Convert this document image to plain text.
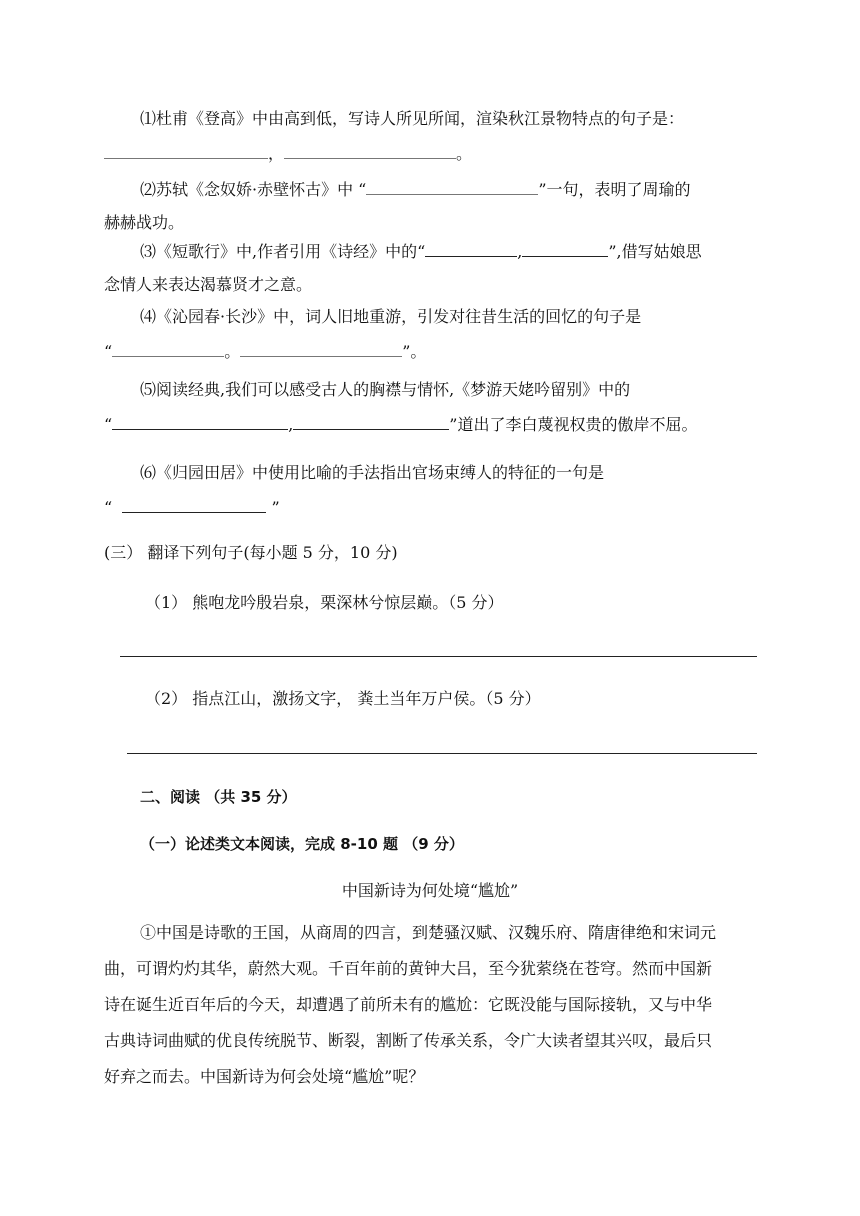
⑴杜甫《登高》中由高到低，写诗人所见所闻，渲染秋江景物特点的句子是：
，	。
⑵苏轼《念奴娇·赤壁怀古》中 “	”一句，表明了周瑜的
赫赫战功。
⑶《短歌行》中,作者引用《诗经》中的“	,	”,借写姑娘思
念情人来表达渴慕贤才之意。
⑷《沁园春·长沙》中，词人旧地重游，引发对往昔生活的回忆的句子是
“	。	”。
⑸阅读经典,我们可以感受古人的胸襟与情怀,《梦游天姥吟留别》中的
“	,	”道出了李白蔑视权贵的傲岸不屈。
⑹《归园田居》中使用比喻的手法指出官场束缚人的特征的一句是
“	”
(三） 翻译下列句子(每小题 5 分，10 分)
（1） 熊咆龙吟殷岩泉，栗深林兮惊层巅。（5 分）
（2） 指点江山，激扬文字， 粪土当年万户侯。（5 分）
二、阅读 （共 35 分）
（一）论述类文本阅读，完成 8-10 题 （9 分）
中国新诗为何处境“尴尬”
①中国是诗歌的王国，从商周的四言，到楚骚汉赋、汉魏乐府、隋唐律绝和宋词元
曲，可谓灼灼其华，蔚然大观。千百年前的黄钟大吕，至今犹萦绕在苍穹。然而中国新
诗在诞生近百年后的今天，却遭遇了前所未有的尴尬：它既没能与国际接轨，又与中华
古典诗词曲赋的优良传统脱节、断裂，割断了传承关系，令广大读者望其兴叹，最后只
好弃之而去。中国新诗为何会处境“尴尬”呢？
